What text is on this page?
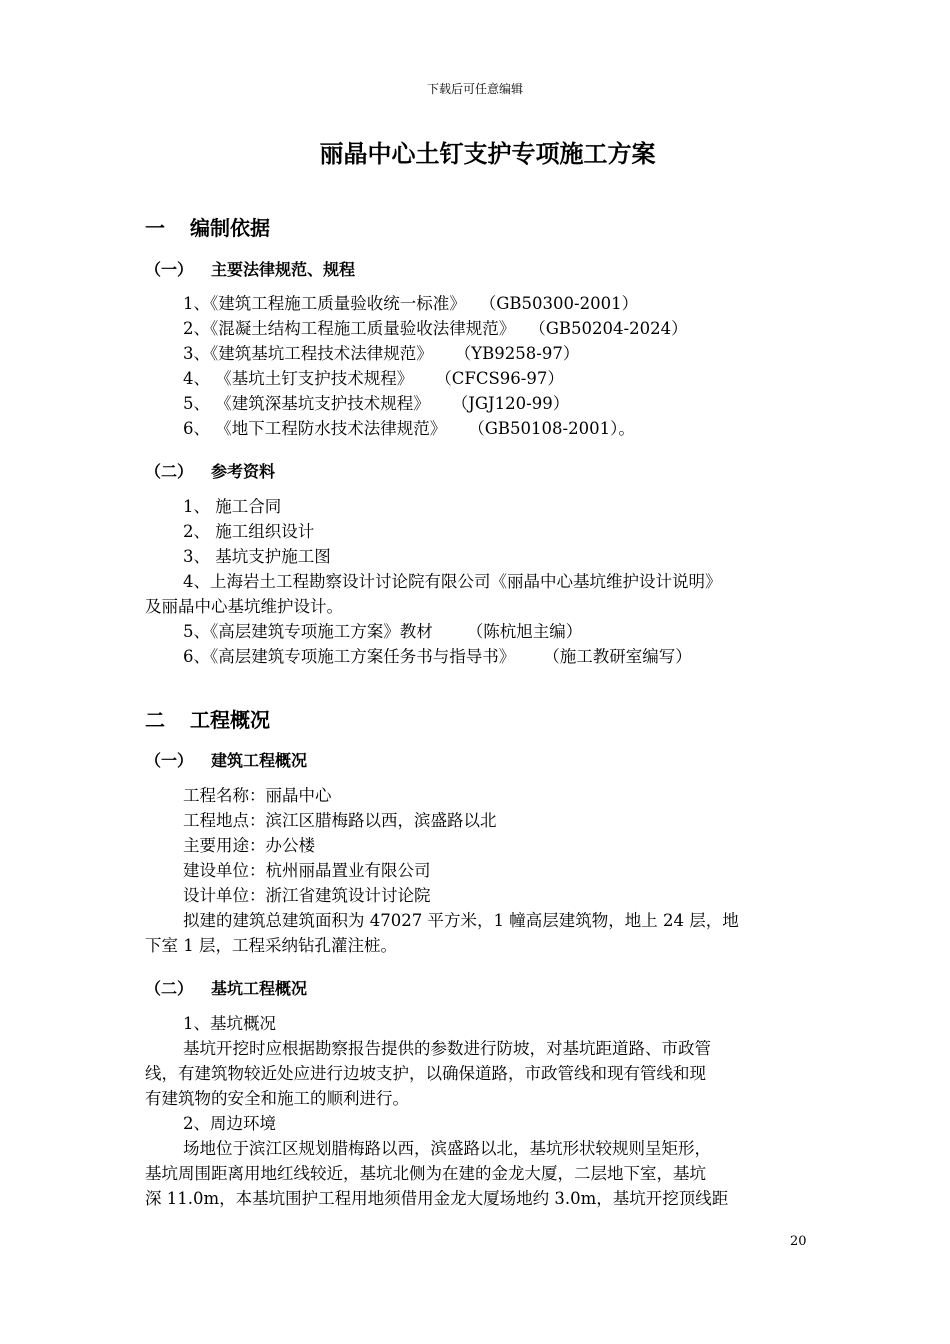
下载后可任意编辑
丽晶中心土钉支护专项施工方案
一 编制依据
（一） 主要法律规范、规程
1、《建筑工程施工质量验收统一标准》 （GB50300-2001）
2、《混凝土结构工程施工质量验收法律规范》 （GB50204-2024）
3、《建筑基坑工程技术法律规范》 （YB9258-97）
4、 《基坑土钉支护技术规程》 （CFCS96-97）
5、 《建筑深基坑支护技术规程》 （JGJ120-99）
6、 《地下工程防水技术法律规范》 （GB50108-2001）。
（二） 参考资料
1、 施工合同
2、 施工组织设计
3、 基坑支护施工图
4、上海岩土工程勘察设计讨论院有限公司《丽晶中心基坑维护设计说明》
及丽晶中心基坑维护设计。
5、《高层建筑专项施工方案》教材 （陈杭旭主编）
6、《高层建筑专项施工方案任务书与指导书》 （施工教研室编写）
二 工程概况
（一） 建筑工程概况
工程名称：丽晶中心
工程地点：滨江区腊梅路以西，滨盛路以北
主要用途：办公楼
建设单位：杭州丽晶置业有限公司
设计单位：浙江省建筑设计讨论院
拟建的建筑总建筑面积为 47027 平方米，1 幢高层建筑物，地上 24 层，地
下室 1 层，工程采纳钻孔灌注桩。
（二） 基坑工程概况
1、基坑概况
基坑开挖时应根据勘察报告提供的参数进行防坡，对基坑距道路、市政管
线，有建筑物较近处应进行边坡支护，以确保道路，市政管线和现有管线和现
有建筑物的安全和施工的顺利进行。
2、周边环境
场地位于滨江区规划腊梅路以西，滨盛路以北，基坑形状较规则呈矩形，
基坑周围距离用地红线较近，基坑北侧为在建的金龙大厦，二层地下室，基坑
深 11.0m，本基坑围护工程用地须借用金龙大厦场地约 3.0m，基坑开挖顶线距
20
